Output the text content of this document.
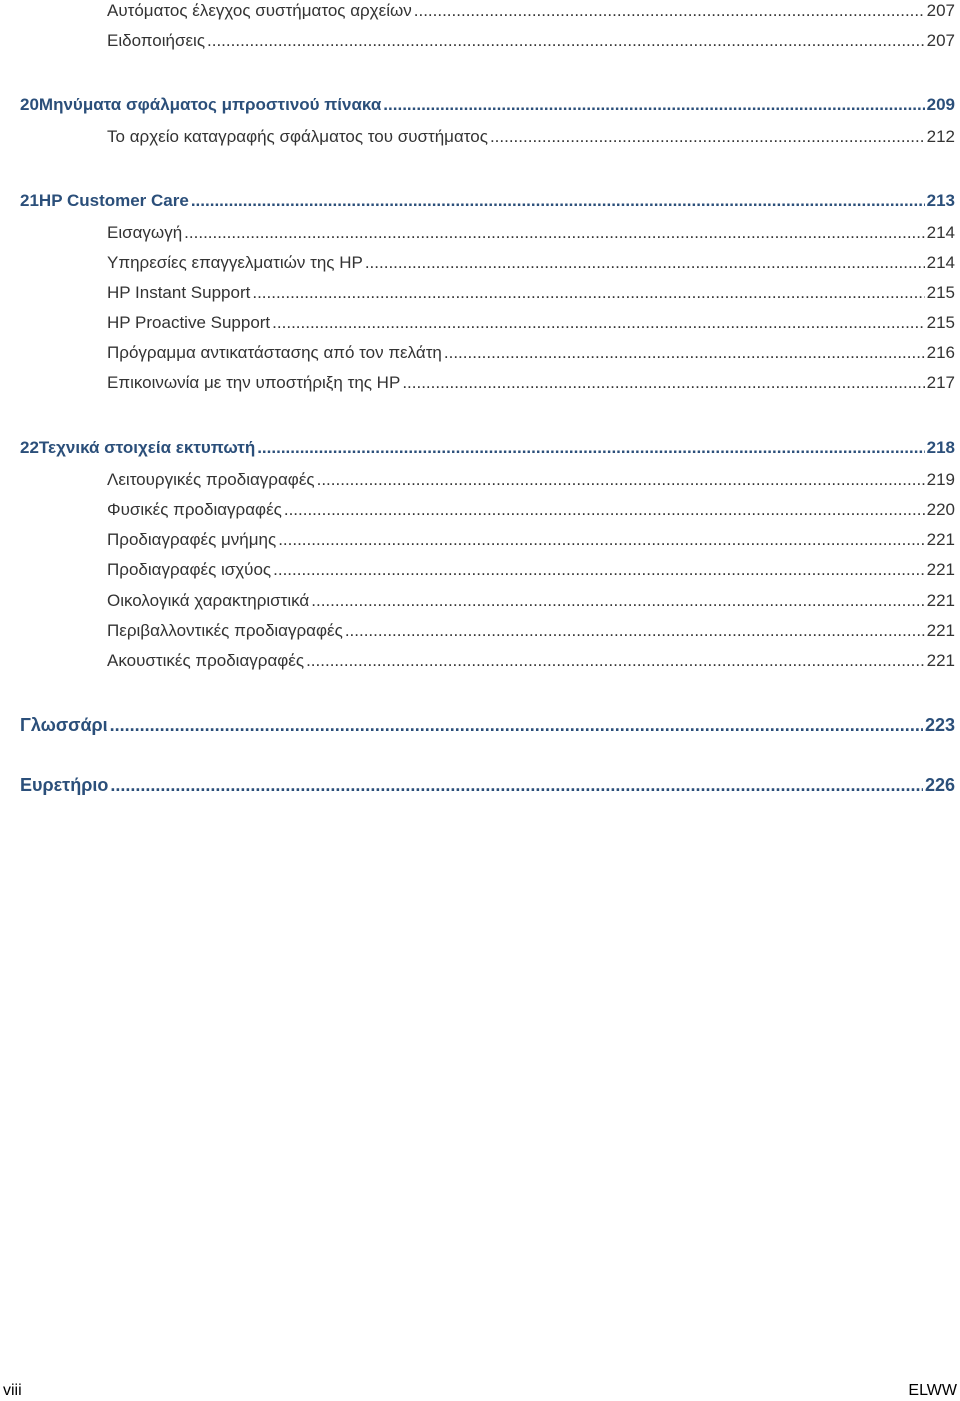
Αυτόματος έλεγχος συστήματος αρχείων .....	207
Ειδοποιήσεις .....	207
20 Μηνύματα σφάλματος μπροστινού πίνακα .....	209
Το αρχείο καταγραφής σφάλματος του συστήματος .....	212
21 HP Customer Care .....	213
Εισαγωγή .....	214
Υπηρεσίες επαγγελματιών της HP .....	214
HP Instant Support .....	215
HP Proactive Support .....	215
Πρόγραμμα αντικατάστασης από τον πελάτη .....	216
Επικοινωνία με την υποστήριξη της HP .....	217
22 Τεχνικά στοιχεία εκτυπωτή .....	218
Λειτουργικές προδιαγραφές .....	219
Φυσικές προδιαγραφές .....	220
Προδιαγραφές μνήμης .....	221
Προδιαγραφές ισχύος .....	221
Οικολογικά χαρακτηριστικά .....	221
Περιβαλλοντικές προδιαγραφές .....	221
Ακουστικές προδιαγραφές .....	221
Γλωσσάρι .....	223
Ευρετήριο .....	226
viii	ELWW
